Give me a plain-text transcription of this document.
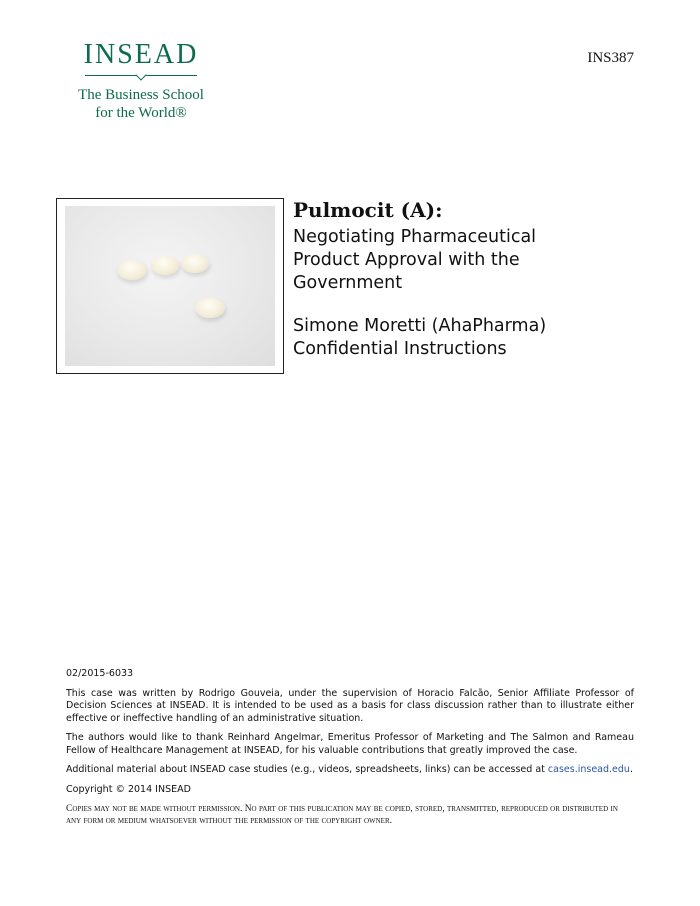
INSEAD
The Business School
for the World®
INS387
Pulmocit (A):
Negotiating Pharmaceutical
Product Approval with the
Government
Simone Moretti (AhaPharma)
Confidential Instructions

02/2015-6033

This case was written by Rodrigo Gouveia, under the supervision of Horacio Falcão, Senior Affiliate Professor of Decision Sciences at INSEAD. It is intended to be used as a basis for class discussion rather than to illustrate either effective or ineffective handling of an administrative situation.

The authors would like to thank Reinhard Angelmar, Emeritus Professor of Marketing and The Salmon and Rameau Fellow of Healthcare Management at INSEAD, for his valuable contributions that greatly improved the case.

Additional material about INSEAD case studies (e.g., videos, spreadsheets, links) can be accessed at cases.insead.edu.

Copyright © 2014 INSEAD

Copies may not be made without permission. No part of this publication may be copied, stored, transmitted, reproduced or distributed in any form or medium whatsoever without the permission of the copyright owner.
